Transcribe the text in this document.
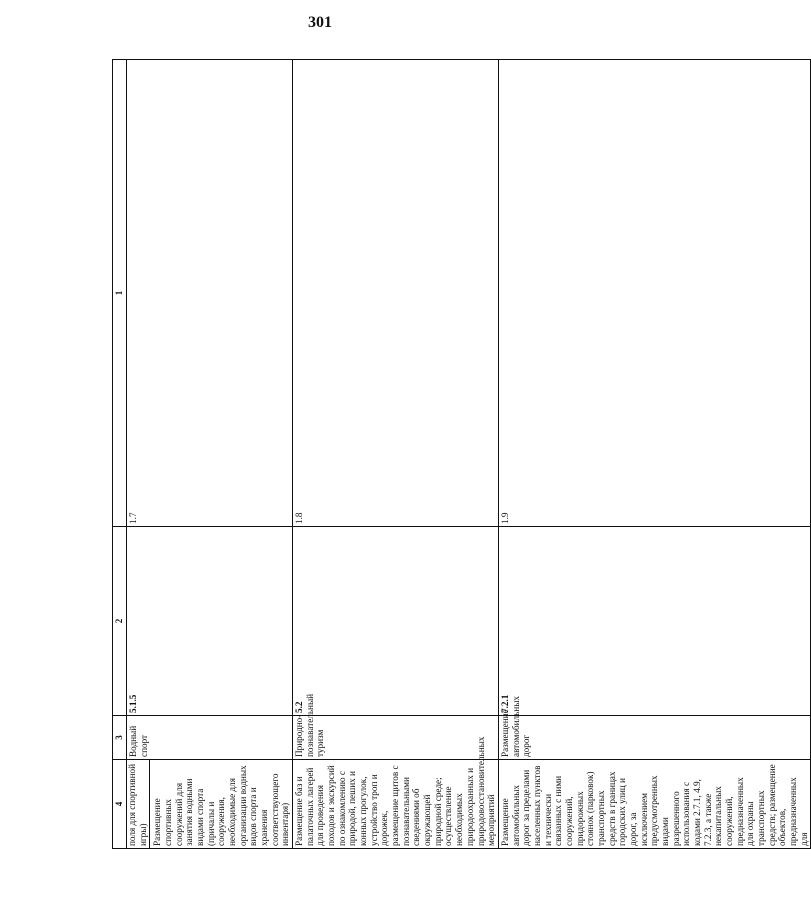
301
4	3	2	1

поля для спортивной игры) Размещение спортивных сооружений для занятия водными видами спорта (причалы и сооружения, необходимые для организации водных видов спорта и хранения соответствующего инвентаря)	Водный спорт	5.1.5	1.7
Размещение баз и палаточных лагерей для проведения походов и экскурсий по ознакомлению с природой, пеших и конных прогулок, устройство троп и дорожек, размещение щитов с познавательными сведениями об окружающей природной среде; осуществление необходимых природоохранных и природовосстановительных мероприятий	Природно-познавательный туризм	5.2	1.8
Размещение автомобильных дорог за пределами населенных пунктов и технически связанных с ними сооружений, придорожных стоянок (парковок) транспортных средств в границах городских улиц и дорог, за исключением предусмотренных видами разрешенного использования с кодами 2.7.1, 4.9, 7.2.3, а также некапитальных сооружений, предназначенных для охраны транспортных средств; размещение объектов, предназначенных для	Размещение автомобильных дорог	7.2.1	1.9
